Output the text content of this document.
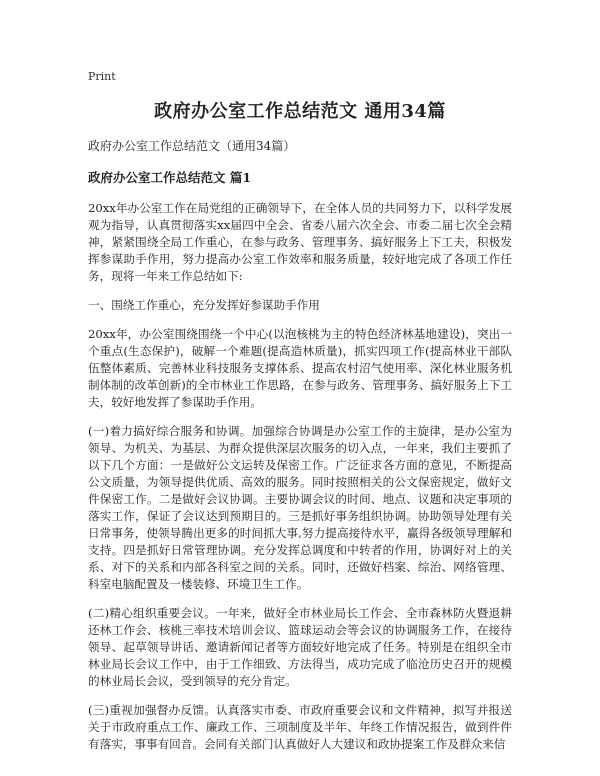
Print
政府办公室工作总结范文 通用34篇
政府办公室工作总结范文（通用34篇）
政府办公室工作总结范文 篇1

20xx年办公室工作在局党组的正确领导下，在全体人员的共同努力下，以科学发展观为指导，认真贯彻落实xx届四中全会、省委八届六次全会、市委二届七次全会精神，紧紧围绕全局工作重心，在参与政务、管理事务、搞好服务上下工夫，积极发挥参谋助手作用，努力提高办公室工作效率和服务质量，较好地完成了各项工作任务，现将一年来工作总结如下:

一、围绕工作重心，充分发挥好参谋助手作用

20xx年，办公室围绕围绕一个中心(以泡核桃为主的特色经济林基地建设)，突出一个重点(生态保护)，破解一个难题(提高造林质量)，抓实四项工作(提高林业干部队伍整体素质、完善林业科技服务支撑体系、提高农村沼气使用率、深化林业服务机制体制的改革创新)的全市林业工作思路，在参与政务、管理事务、搞好服务上下工夫，较好地发挥了参谋助手作用。

(一)着力搞好综合服务和协调。加强综合协调是办公室工作的主旋律，是办公室为领导、为机关、为基层、为群众提供深层次服务的切入点，一年来，我们主要抓了以下几个方面：一是做好公文运转及保密工作。广泛征求各方面的意见，不断提高公文质量，为领导提供优质、高效的服务。同时按照相关的公文保密规定，做好文件保密工作。二是做好会议协调。主要协调会议的时间、地点、议题和决定事项的落实工作，保证了会议达到预期目的。三是抓好事务组织协调。协助领导处理有关日常事务，使领导腾出更多的时间抓大事,努力提高接待水平，赢得各级领导理解和支持。四是抓好日常管理协调。充分发挥总调度和中转者的作用，协调好对上的关系、对下的关系和内部各科室之间的关系。同时，还做好档案、综治、网络管理、科室电脑配置及一楼装修、环境卫生工作。

(二)精心组织重要会议。一年来，做好全市林业局长工作会、全市森林防火暨退耕还林工作会、核桃三率技术培训会议、篮球运动会等会议的协调服务工作，在接待领导、起草领导讲话、邀请新闻记者等方面较好地完成了任务。特别是在组织全市林业局长会议工作中，由于工作细致、方法得当，成功完成了临沧历史召开的规模的林业局长会议，受到领导的充分肯定。

(三)重视加强督办反馈。认真落实市委、市政府重要会议和文件精神，拟写并报送关于市政府重点工作、廉政工作、三项制度及半年、年终工作情况报告，做到件件有落实，事事有回音。会同有关部门认真做好人大建议和政协提案工作及群众来信
